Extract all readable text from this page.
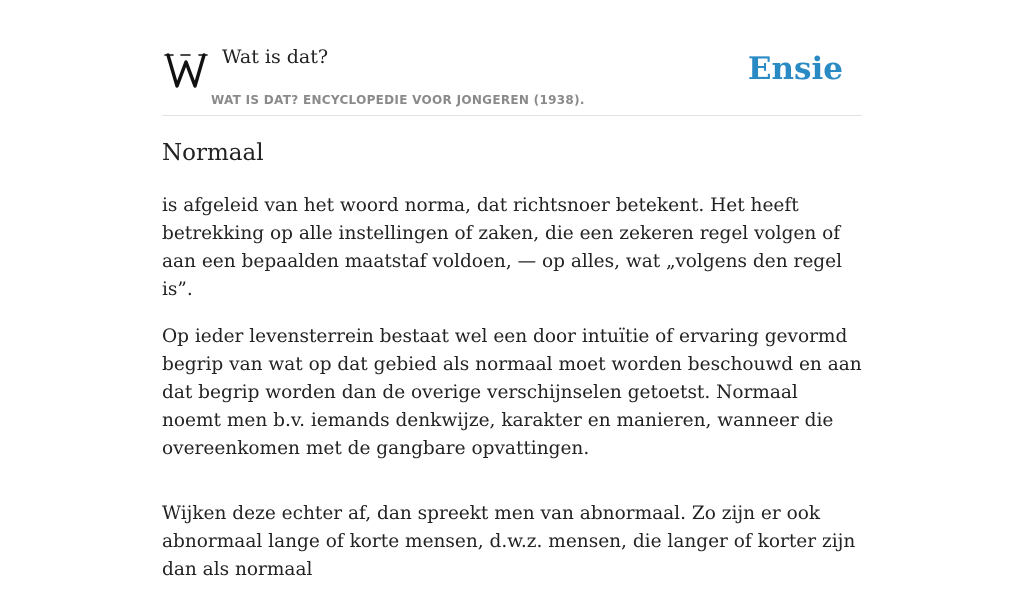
Wat is dat?
WAT IS DAT? ENCYCLOPEDIE VOOR JONGEREN (1938).
Ensie
Normaal

is afgeleid van het woord norma, dat richtsnoer betekent. Het heeft betrekking op alle instellingen of zaken, die een zekeren regel volgen of aan een bepaalden maatstaf voldoen, — op alles, wat „volgens den regel is”.

Op ieder levensterrein bestaat wel een door intuïtie of ervaring gevormd begrip van wat op dat gebied als normaal moet worden beschouwd en aan dat begrip worden dan de overige verschijnselen getoetst. Normaal noemt men b.v. iemands denkwijze, karakter en manieren, wanneer die overeenkomen met de gangbare opvattingen.

Wijken deze echter af, dan spreekt men van abnormaal. Zo zijn er ook abnormaal lange of korte mensen, d.w.z. mensen, die langer of korter zijn dan als normaal
